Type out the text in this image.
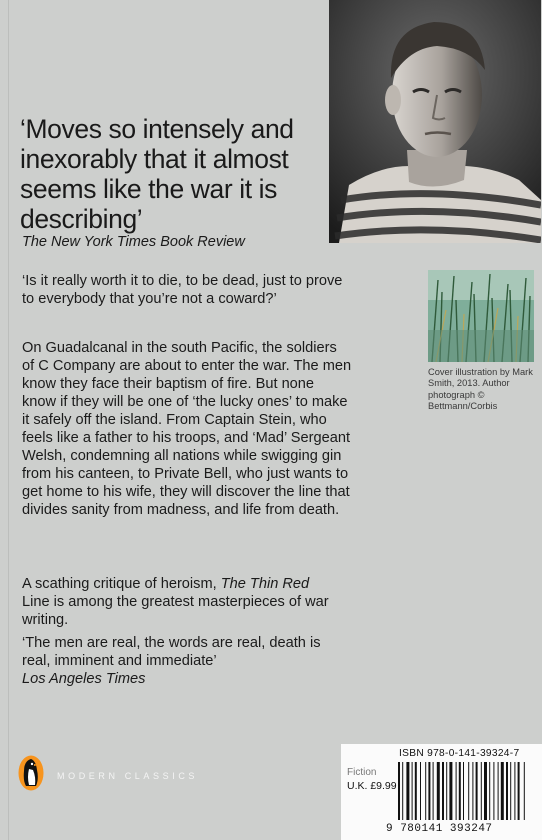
‘Moves so intensely and inexorably that it almost seems like the war it is describing’
The New York Times Book Review
‘Is it really worth it to die, to be dead, just to prove to everybody that you’re not a coward?’
On Guadalcanal in the south Pacific, the soldiers of C Company are about to enter the war. The men know they face their baptism of fire. But none know if they will be one of ‘the lucky ones’ to make it safely off the island. From Captain Stein, who feels like a father to his troops, and ‘Mad’ Sergeant Welsh, condemning all nations while swigging gin from his canteen, to Private Bell, who just wants to get home to his wife, they will discover the line that divides sanity from madness, and life from death.
A scathing critique of heroism, The Thin Red
Line is among the greatest masterpieces of war writing.
‘The men are real, the words are real, death is real, imminent and immediate’
Los Angeles Times
Cover illustration by Mark Smith, 2013. Author photograph © Bettmann/Corbis
MODERN CLASSICS
ISBN 978-0-141-39324-7
Fiction
U.K. £9.99
9 780141 393247
